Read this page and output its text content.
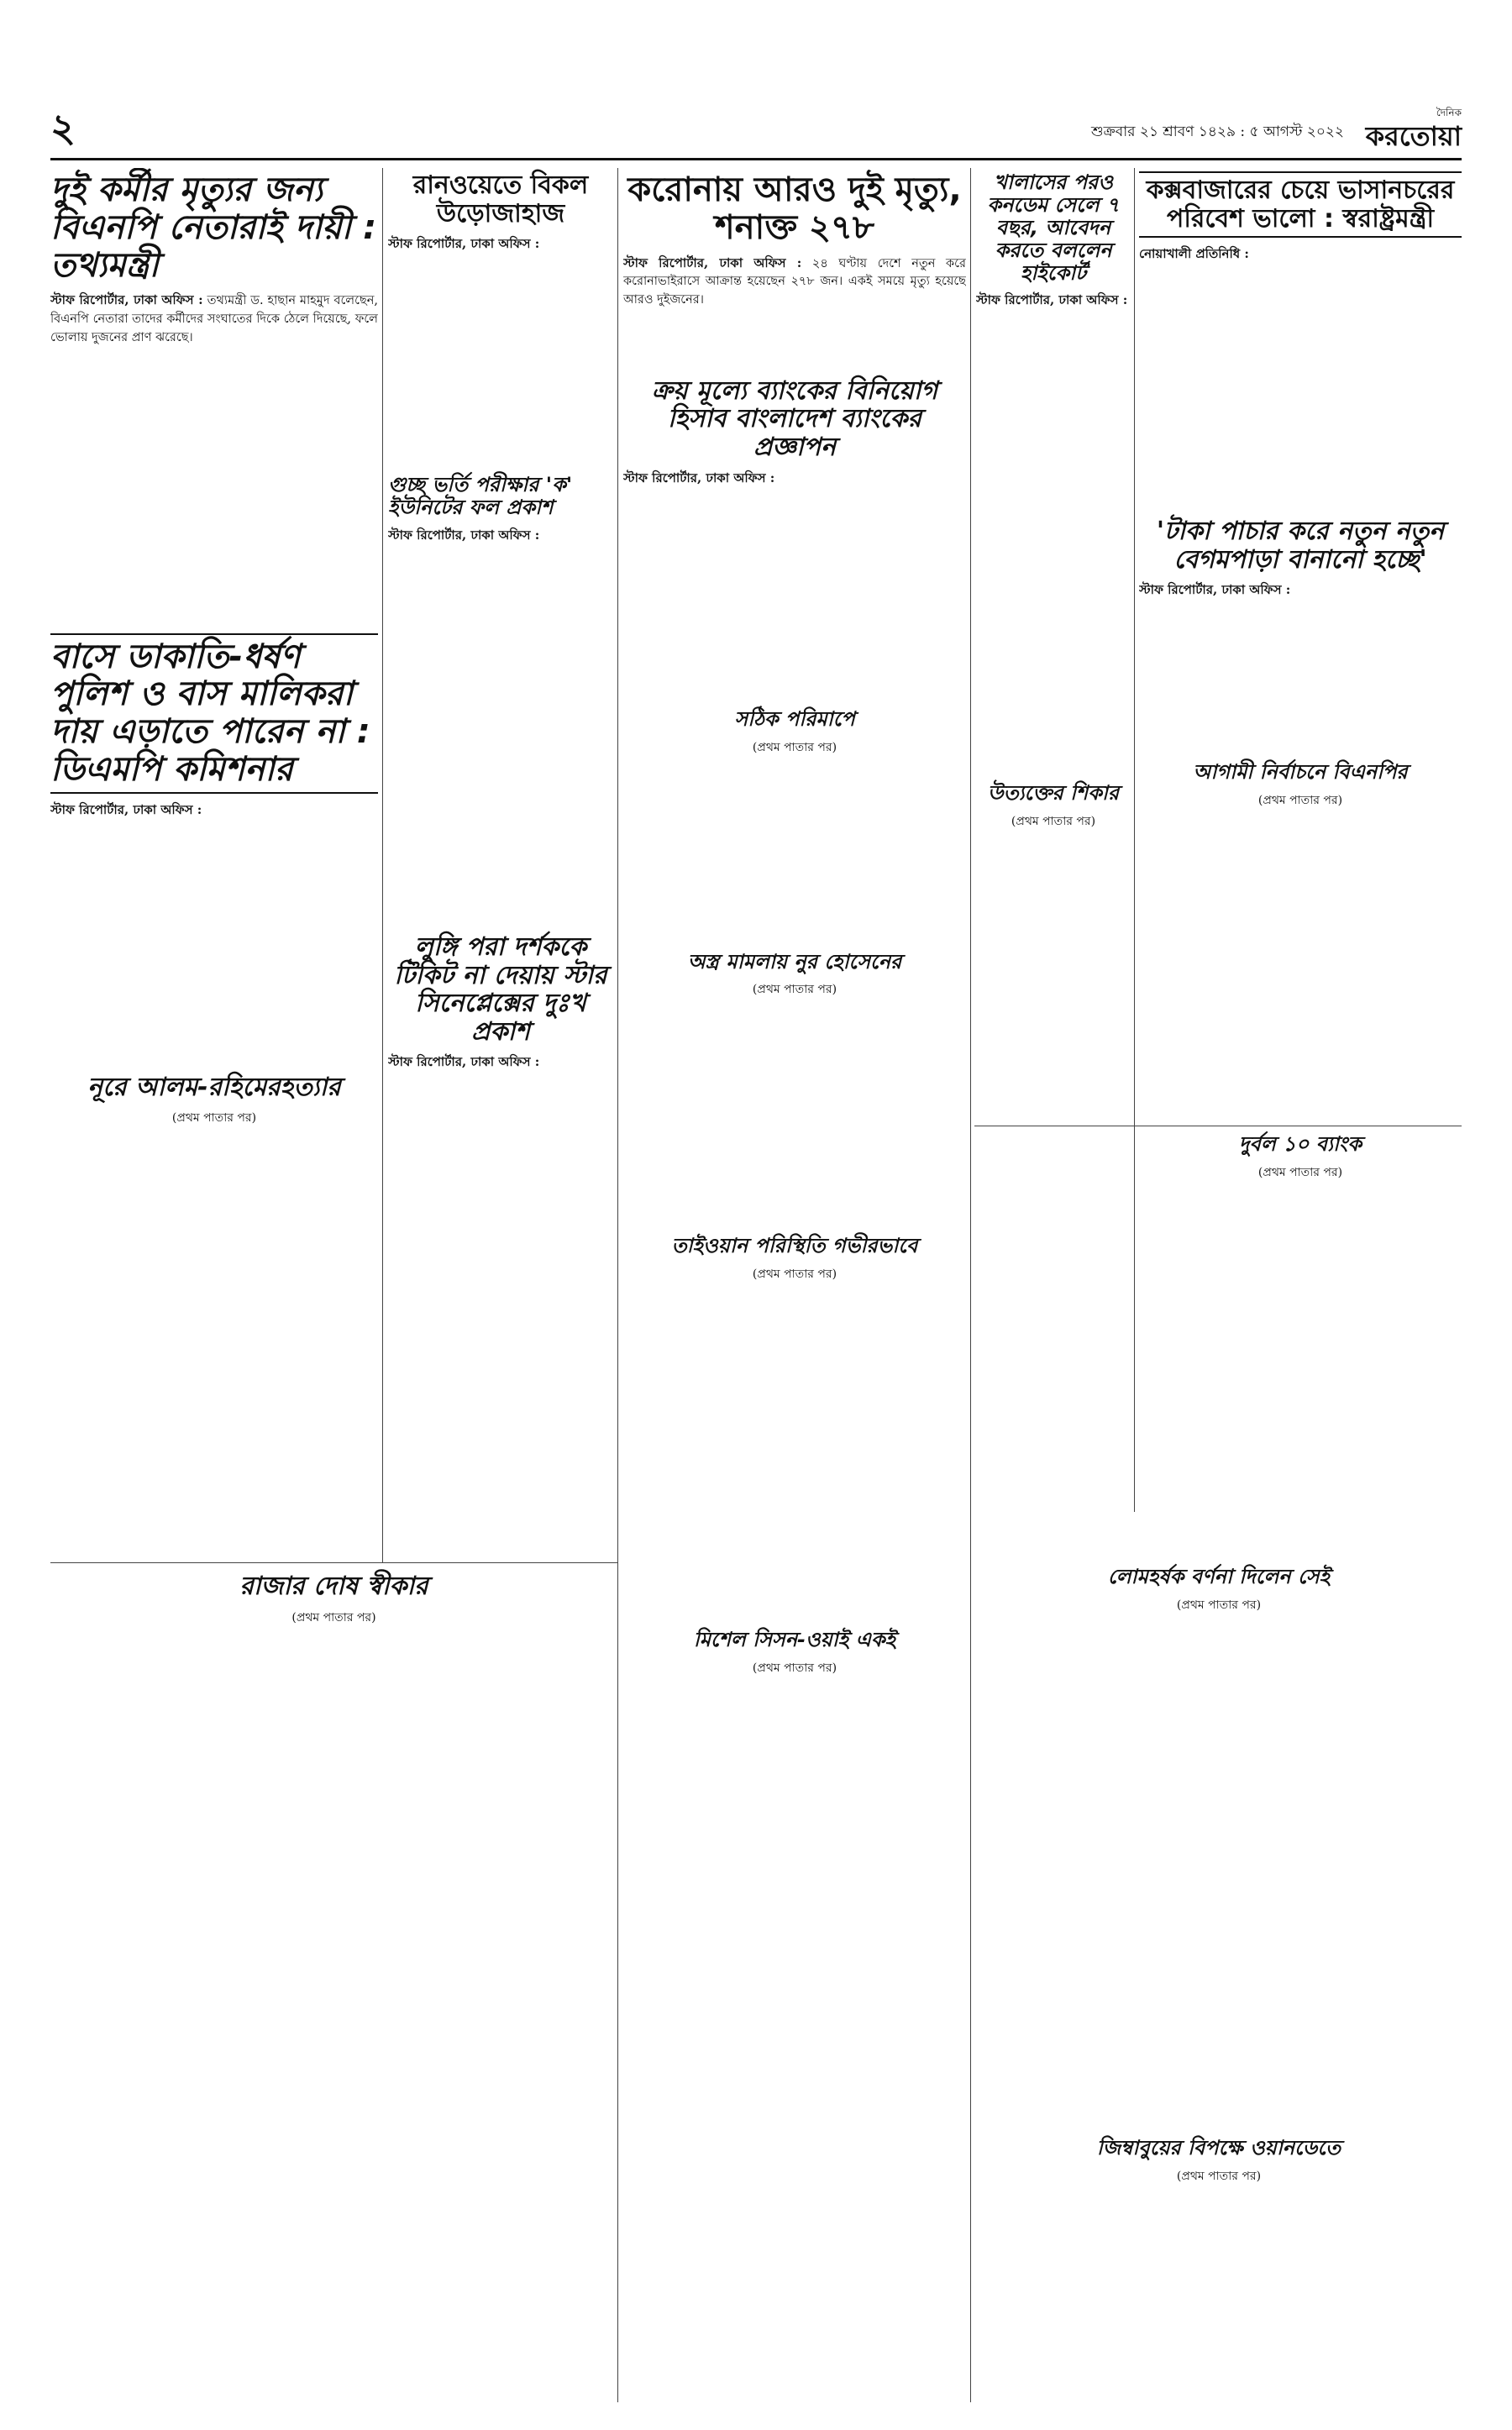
২	শুক্রবার ২১ শ্রাবণ ১৪২৯ : ৫ আগস্ট ২০২২
দৈনিক
করতোয়া
দুই কর্মীর মৃত্যুর জন্য বিএনপি নেতারাই দায়ী : তথ্যমন্ত্রী
স্টাফ রিপোর্টার, ঢাকা অফিস : তথ্যমন্ত্রী ড. হাছান মাহমুদ বলেছেন, বিএনপি নেতারা তাদের কর্মীদের সংঘাতের দিকে ঠেলে দিয়েছে, ফলে ভোলায় দুজনের প্রাণ ঝরেছে।
বাসে ডাকাতি-ধর্ষণ পুলিশ ও বাস মালিকরা দায় এড়াতে পারেন না : ডিএমপি কমিশনার
স্টাফ রিপোর্টার, ঢাকা অফিস :
নূরে আলম-রহিমেরহত্যার
(প্রথম পাতার পর)
রানওয়েতে বিকল উড়োজাহাজ
স্টাফ রিপোর্টার, ঢাকা অফিস :
গুচ্ছ ভর্তি পরীক্ষার 'ক' ইউনিটের ফল প্রকাশ
স্টাফ রিপোর্টার, ঢাকা অফিস :
লুঙ্গি পরা দর্শককে টিকিট না দেয়ায় স্টার সিনেপ্লেক্সের দুঃখ প্রকাশ
স্টাফ রিপোর্টার, ঢাকা অফিস :
রাজার দোষ স্বীকার
(প্রথম পাতার পর)
করোনায় আরও দুই মৃত্যু, শনাক্ত ২৭৮
স্টাফ রিপোর্টার, ঢাকা অফিস : ২৪ ঘণ্টায় দেশে নতুন করে করোনাভাইরাসে আক্রান্ত হয়েছেন ২৭৮ জন। একই সময়ে মৃত্যু হয়েছে আরও দুইজনের।
ক্রয় মূল্যে ব্যাংকের বিনিয়োগ হিসাব বাংলাদেশ ব্যাংকের প্রজ্ঞাপন
স্টাফ রিপোর্টার, ঢাকা অফিস :
সঠিক পরিমাপে
(প্রথম পাতার পর)
অস্ত্র মামলায় নুর হোসেনের
(প্রথম পাতার পর)
তাইওয়ান পরিস্থিতি গভীরভাবে
(প্রথম পাতার পর)
মিশেল সিসন-ওয়াই একই
(প্রথম পাতার পর)
খালাসের পরও কনডেম সেলে ৭ বছর, আবেদন করতে বললেন হাইকোর্ট
স্টাফ রিপোর্টার, ঢাকা অফিস :
উত্যক্তের শিকার
(প্রথম পাতার পর)
কক্সবাজারের চেয়ে ভাসানচরের পরিবেশ ভালো : স্বরাষ্ট্রমন্ত্রী
নোয়াখালী প্রতিনিধি :
'টাকা পাচার করে নতুন নতুন বেগমপাড়া বানানো হচ্ছে'
স্টাফ রিপোর্টার, ঢাকা অফিস :
আগামী নির্বাচনে বিএনপির
(প্রথম পাতার পর)
দুর্বল ১০ ব্যাংক
(প্রথম পাতার পর)
লোমহর্ষক বর্ণনা দিলেন সেই
(প্রথম পাতার পর)
জিম্বাবুয়ের বিপক্ষে ওয়ানডেতে
(প্রথম পাতার পর)
